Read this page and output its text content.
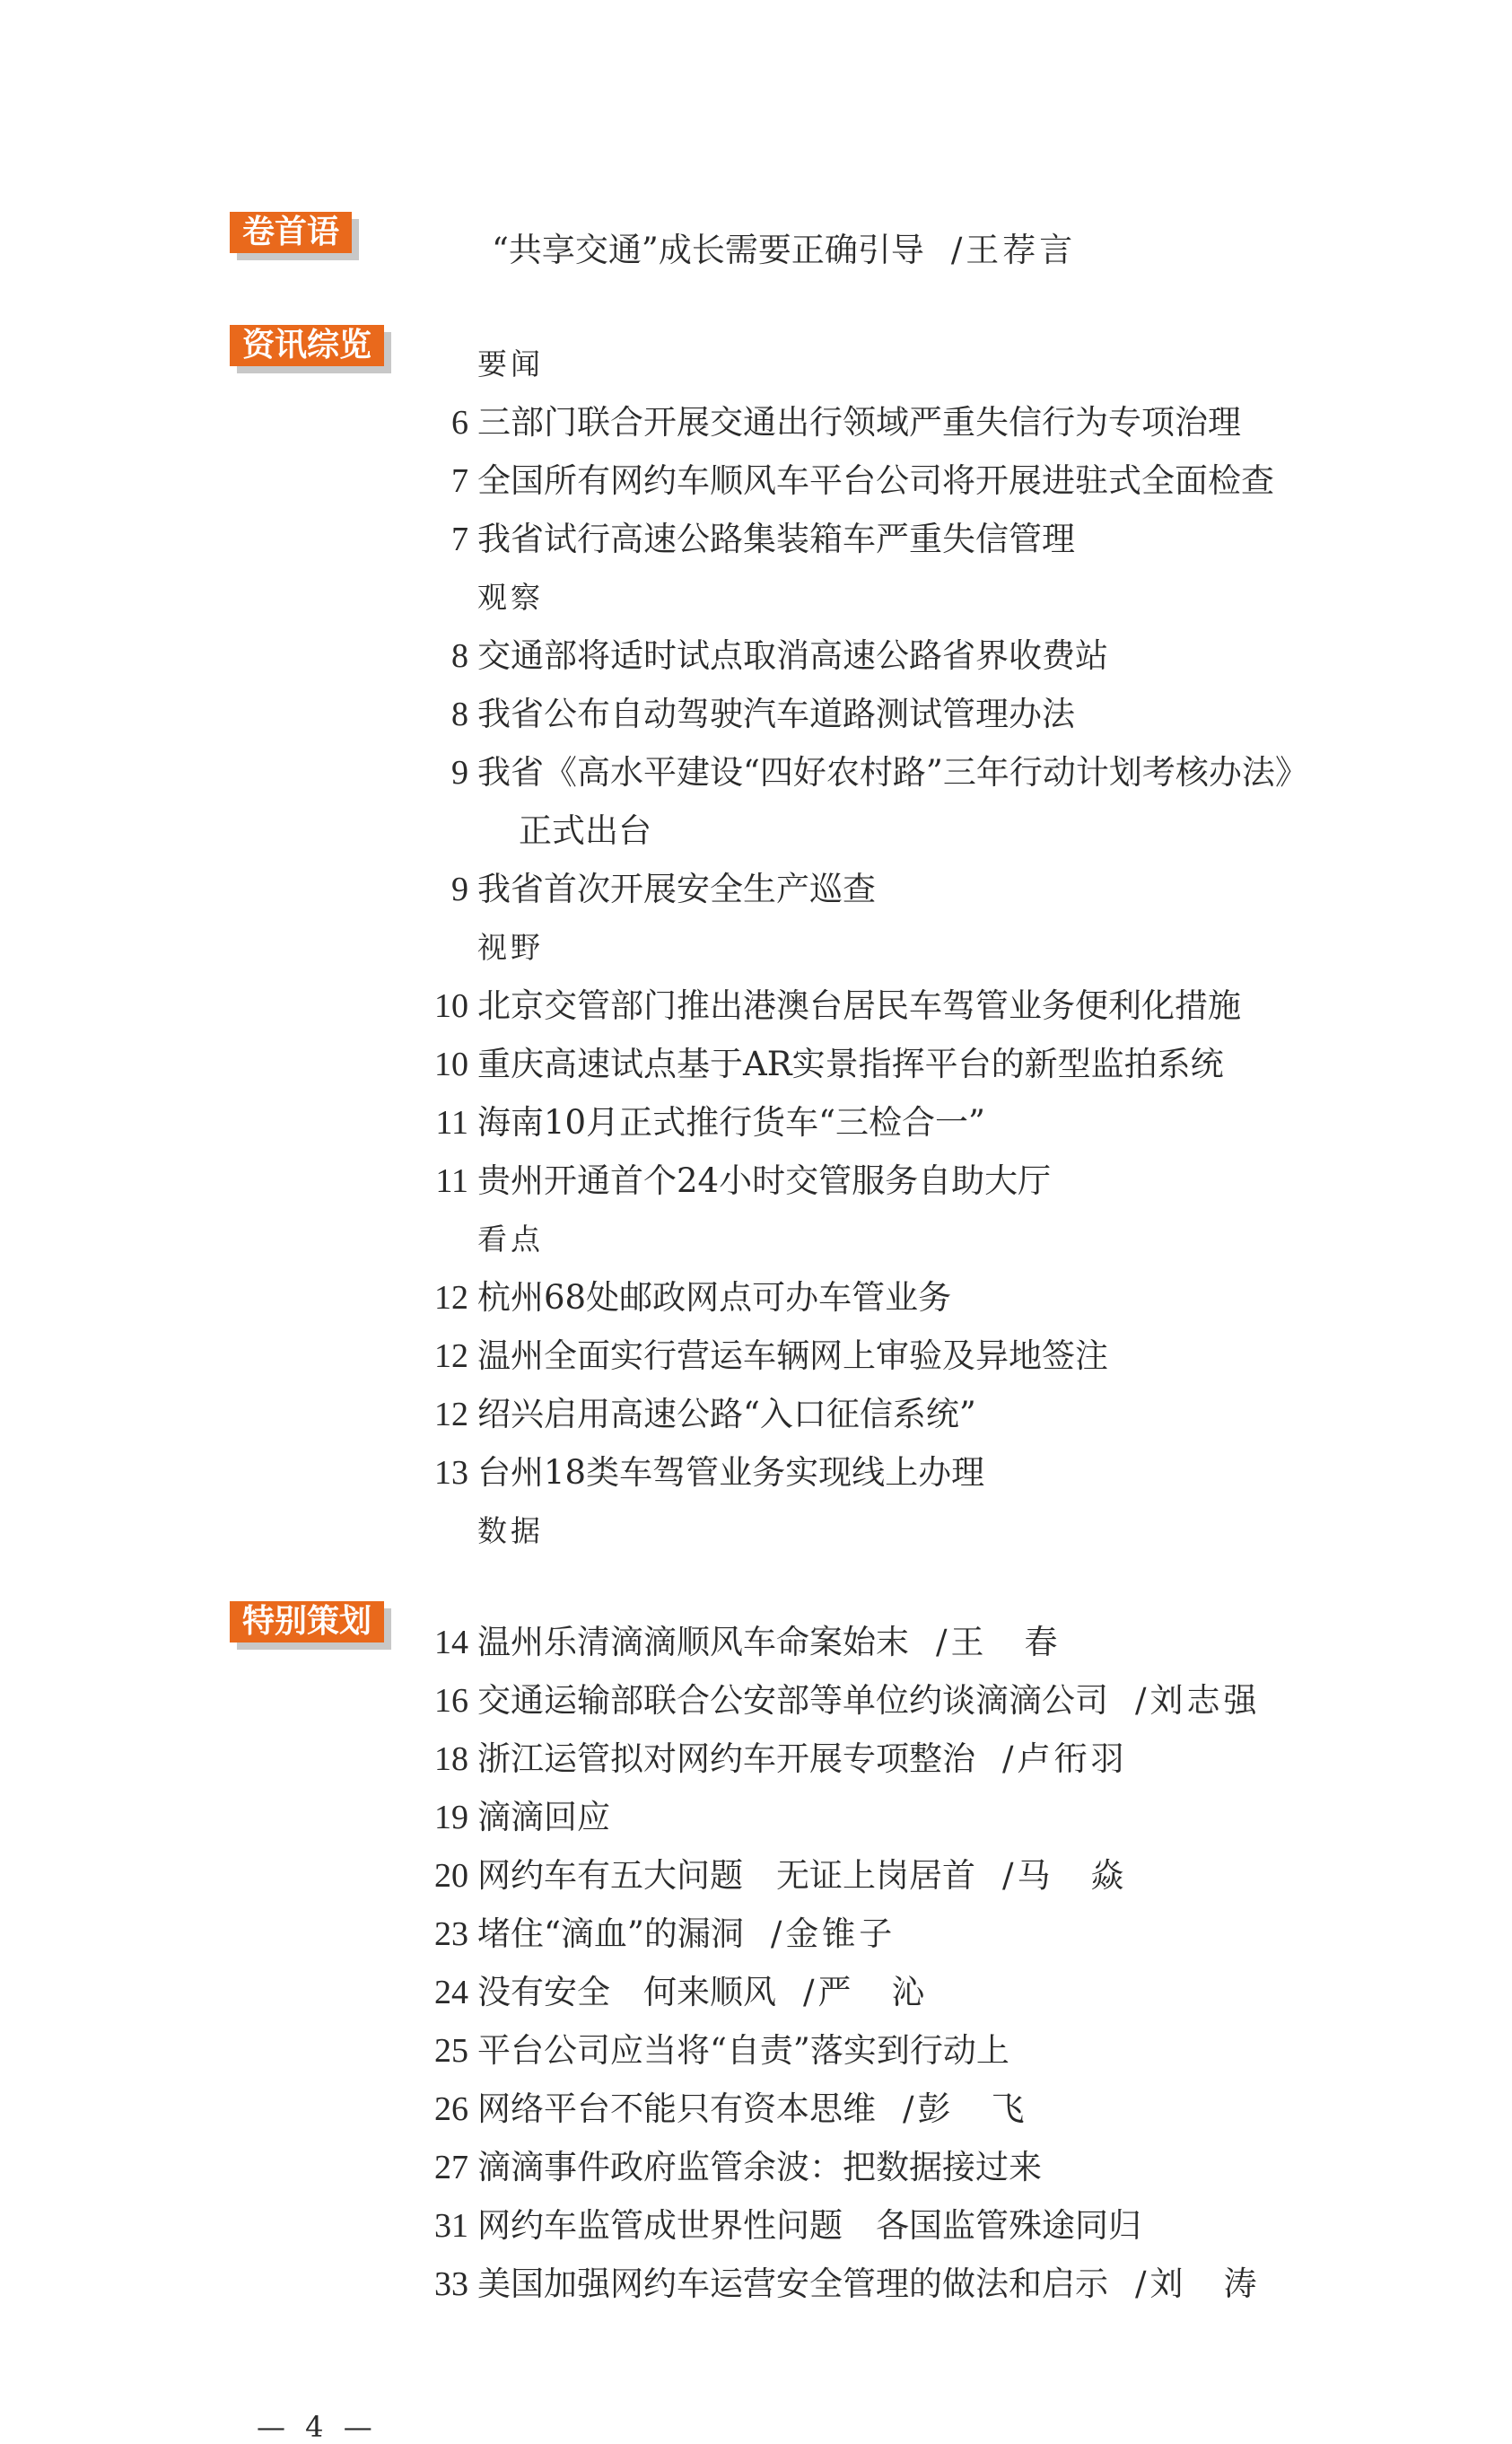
卷首语
资讯综览
特别策划
“共享交通”成长需要正确引导 /王荐言
要闻
6 三部门联合开展交通出行领域严重失信行为专项治理
7 全国所有网约车顺风车平台公司将开展进驻式全面检查
7 我省试行高速公路集装箱车严重失信管理
观察
8 交通部将适时试点取消高速公路省界收费站
8 我省公布自动驾驶汽车道路测试管理办法
9 我省《高水平建设“四好农村路”三年行动计划考核办法》
正式出台
9 我省首次开展安全生产巡查
视野
10 北京交管部门推出港澳台居民车驾管业务便利化措施
10 重庆高速试点基于AR实景指挥平台的新型监拍系统
11 海南10月正式推行货车“三检合一”
11 贵州开通首个24小时交管服务自助大厅
看点
12 杭州68处邮政网点可办车管业务
12 温州全面实行营运车辆网上审验及异地签注
12 绍兴启用高速公路“入口征信系统”
13 台州18类车驾管业务实现线上办理
数据
14 温州乐清滴滴顺风车命案始末 /王　春
16 交通运输部联合公安部等单位约谈滴滴公司 /刘志强
18 浙江运管拟对网约车开展专项整治 /卢衎羽
19 滴滴回应
20 网约车有五大问题　无证上岗居首 /马　焱
23 堵住“滴血”的漏洞 /金锥子
24 没有安全　何来顺风 /严　沁
25 平台公司应当将“自责”落实到行动上
26 网络平台不能只有资本思维 /彭　飞
27 滴滴事件政府监管余波：把数据接过来
31 网约车监管成世界性问题　各国监管殊途同归
33 美国加强网约车运营安全管理的做法和启示 /刘　涛
— 4 —
